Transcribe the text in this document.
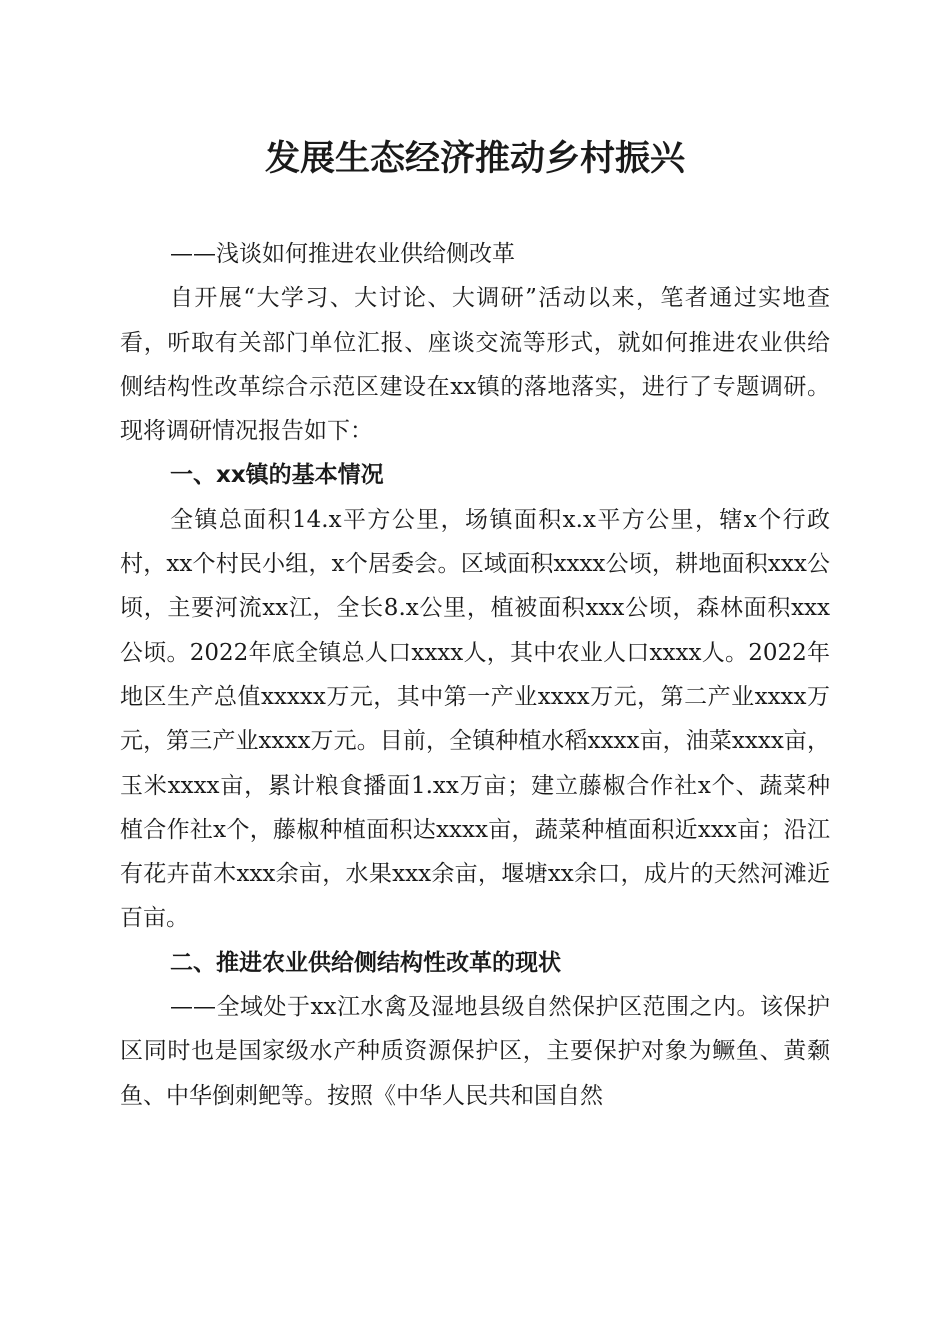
发展生态经济推动乡村振兴

——浅谈如何推进农业供给侧改革

自开展“大学习、大讨论、大调研”活动以来，笔者通过实地查看，听取有关部门单位汇报、座谈交流等形式，就如何推进农业供给侧结构性改革综合示范区建设在xx镇的落地落实，进行了专题调研。现将调研情况报告如下：

一、xx镇的基本情况

全镇总面积14.x平方公里，场镇面积x.x平方公里，辖x个行政村，xx个村民小组，x个居委会。区域面积xxxx公顷，耕地面积xxx公顷，主要河流xx江，全长8.x公里，植被面积xxx公顷，森林面积xxx公顷。2022年底全镇总人口xxxx人，其中农业人口xxxx人。2022年地区生产总值xxxxx万元，其中第一产业xxxx万元，第二产业xxxx万元，第三产业xxxx万元。目前，全镇种植水稻xxxx亩，油菜xxxx亩，玉米xxxx亩，累计粮食播面1.xx万亩；建立藤椒合作社x个、蔬菜种植合作社x个，藤椒种植面积达xxxx亩，蔬菜种植面积近xxx亩；沿江有花卉苗木xxx余亩，水果xxx余亩，堰塘xx余口，成片的天然河滩近百亩。

二、推进农业供给侧结构性改革的现状

——全域处于xx江水禽及湿地县级自然保护区范围之内。该保护区同时也是国家级水产种质资源保护区，主要保护对象为鳜鱼、黄颡鱼、中华倒刺鲃等。按照《中华人民共和国自然
